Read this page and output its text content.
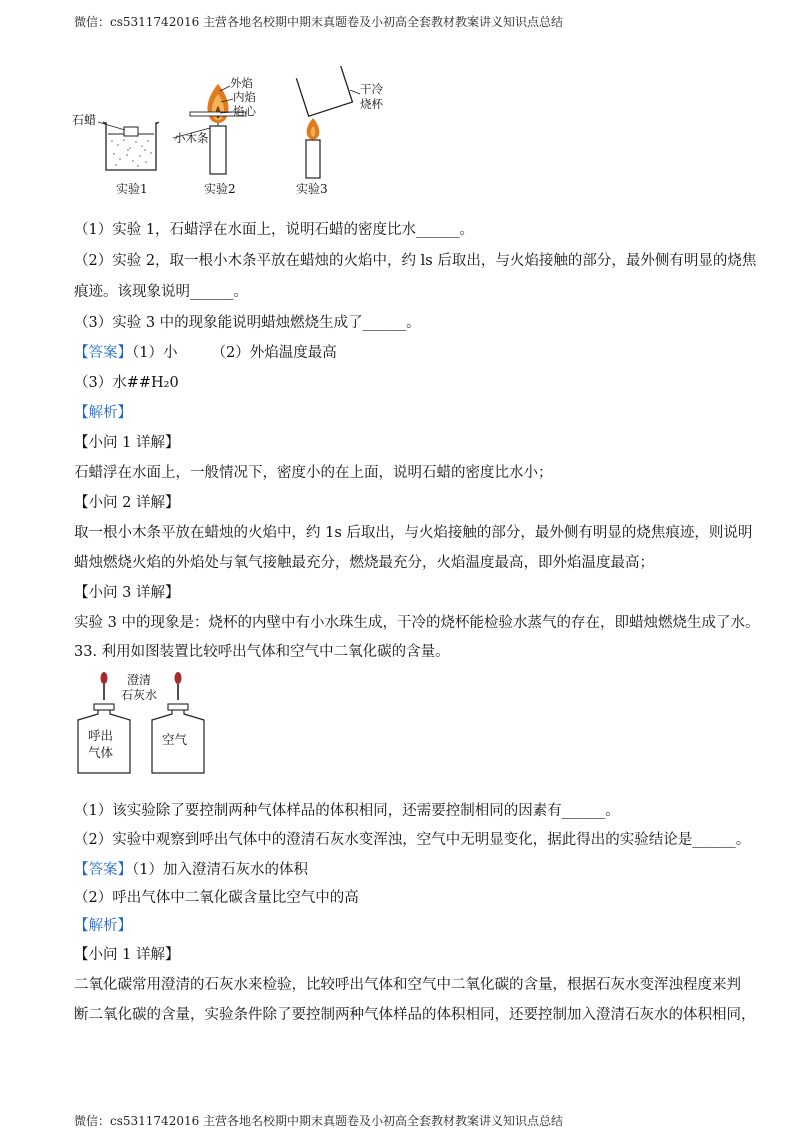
微信：cs5311742016 主营各地名校期中期末真题卷及小初高全套教材教案讲义知识点总结
石蜡
小木条
外焰
内焰
焰心
干冷
烧杯
实验1	实验2	实验3
（1）实验 1，石蜡浮在水面上，说明石蜡的密度比水______。
（2）实验 2，取一根小木条平放在蜡烛的火焰中，约 ls 后取出，与火焰接触的部分，最外侧有明显的烧焦
痕迹。该现象说明______。
（3）实验 3 中的现象能说明蜡烛燃烧生成了______。
【答案】（1）小 （2）外焰温度最高
（3）水##H₂0
【解析】
【小问 1 详解】
石蜡浮在水面上，一般情况下，密度小的在上面，说明石蜡的密度比水小；
【小问 2 详解】
取一根小木条平放在蜡烛的火焰中，约 1s 后取出，与火焰接触的部分，最外侧有明显的烧焦痕迹，则说明
蜡烛燃烧火焰的外焰处与氧气接触最充分，燃烧最充分，火焰温度最高，即外焰温度最高；
【小问 3 详解】
实验 3 中的现象是：烧杯的内壁中有小水珠生成，干冷的烧杯能检验水蒸气的存在，即蜡烛燃烧生成了水。
33. 利用如图装置比较呼出气体和空气中二氧化碳的含量。
澄清
石灰水
呼出
气体
空气
（1）该实验除了要控制两种气体样品的体积相同，还需要控制相同的因素有______。
（2）实验中观察到呼出气体中的澄清石灰水变浑浊，空气中无明显变化，据此得出的实验结论是______。
【答案】（1）加入澄清石灰水的体积
（2）呼出气体中二氧化碳含量比空气中的高
【解析】
【小问 1 详解】
二氧化碳常用澄清的石灰水来检验，比较呼出气体和空气中二氧化碳的含量，根据石灰水变浑浊程度来判
断二氧化碳的含量，实验条件除了要控制两种气体样品的体积相同，还要控制加入澄清石灰水的体积相同，
微信：cs5311742016 主营各地名校期中期末真题卷及小初高全套教材教案讲义知识点总结
